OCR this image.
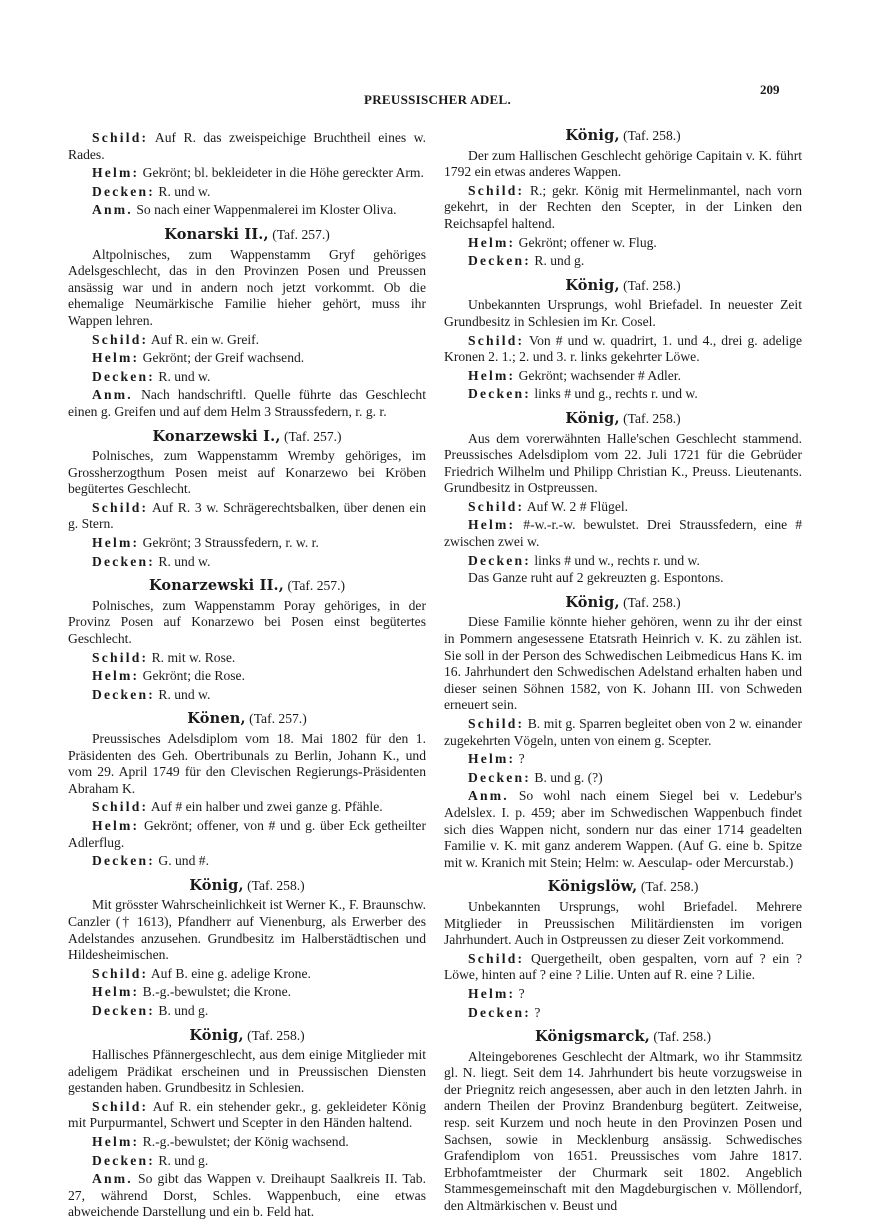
PREUSSISCHER ADEL.
209

Schild: Auf R. das zweispeichige Bruchtheil eines w. Rades.

Helm: Gekrönt; bl. bekleideter in die Höhe gereckter Arm.

Decken: R. und w.

Anm. So nach einer Wappenmalerei im Kloster Oliva.

Konarski II., (Taf. 257.)

Altpolnisches, zum Wappenstamm Gryf gehöriges Adelsgeschlecht, das in den Provinzen Posen und Preussen ansässig war und in andern noch jetzt vorkommt. Ob die ehemalige Neumärkische Familie hieher gehört, muss ihr Wappen lehren.

Schild: Auf R. ein w. Greif.

Helm: Gekrönt; der Greif wachsend.

Decken: R. und w.

Anm. Nach handschriftl. Quelle führte das Geschlecht einen g. Greifen und auf dem Helm 3 Straussfedern, r. g. r.

Konarzewski I., (Taf. 257.)

Polnisches, zum Wappenstamm Wremby gehöriges, im Grossherzogthum Posen meist auf Konarzewo bei Kröben begütertes Geschlecht.

Schild: Auf R. 3 w. Schrägerechtsbalken, über denen ein g. Stern.

Helm: Gekrönt; 3 Straussfedern, r. w. r.

Decken: R. und w.

Konarzewski II., (Taf. 257.)

Polnisches, zum Wappenstamm Poray gehöriges, in der Provinz Posen auf Konarzewo bei Posen einst begütertes Geschlecht.

Schild: R. mit w. Rose.

Helm: Gekrönt; die Rose.

Decken: R. und w.

Könen, (Taf. 257.)

Preussisches Adelsdiplom vom 18. Mai 1802 für den 1. Präsidenten des Geh. Obertribunals zu Berlin, Johann K., und vom 29. April 1749 für den Clevischen Regierungs-Präsidenten Abraham K.

Schild: Auf # ein halber und zwei ganze g. Pfähle.

Helm: Gekrönt; offener, von # und g. über Eck getheilter Adlerflug.

Decken: G. und #.

König, (Taf. 258.)

Mit grösster Wahrscheinlichkeit ist Werner K., F. Braunschw. Canzler († 1613), Pfandherr auf Vienenburg, als Erwerber des Adelstandes anzusehen. Grundbesitz im Halberstädtischen und Hildesheimischen.

Schild: Auf B. eine g. adelige Krone.

Helm: B.-g.-bewulstet; die Krone.

Decken: B. und g.

König, (Taf. 258.)

Hallisches Pfännergeschlecht, aus dem einige Mitglieder mit adeligem Prädikat erscheinen und in Preussischen Diensten gestanden haben. Grundbesitz in Schlesien.

Schild: Auf R. ein stehender gekr., g. gekleideter König mit Purpurmantel, Schwert und Scepter in den Händen haltend.

Helm: R.-g.-bewulstet; der König wachsend.

Decken: R. und g.

Anm. So gibt das Wappen v. Dreihaupt Saalkreis II. Tab. 27, während Dorst, Schles. Wappenbuch, eine etwas abweichende Darstellung und ein b. Feld hat.

König, (Taf. 258.)

Der zum Hallischen Geschlecht gehörige Capitain v. K. führt 1792 ein etwas anderes Wappen.

Schild: R.; gekr. König mit Hermelinmantel, nach vorn gekehrt, in der Rechten den Scepter, in der Linken den Reichsapfel haltend.

Helm: Gekrönt; offener w. Flug.

Decken: R. und g.

König, (Taf. 258.)

Unbekannten Ursprungs, wohl Briefadel. In neuester Zeit Grundbesitz in Schlesien im Kr. Cosel.

Schild: Von # und w. quadrirt, 1. und 4., drei g. adelige Kronen 2. 1.; 2. und 3. r. links gekehrter Löwe.

Helm: Gekrönt; wachsender # Adler.

Decken: links # und g., rechts r. und w.

König, (Taf. 258.)

Aus dem vorerwähnten Halle'schen Geschlecht stammend. Preussisches Adelsdiplom vom 22. Juli 1721 für die Gebrüder Friedrich Wilhelm und Philipp Christian K., Preuss. Lieutenants. Grundbesitz in Ostpreussen.

Schild: Auf W. 2 # Flügel.

Helm: #-w.-r.-w. bewulstet. Drei Straussfedern, eine # zwischen zwei w.

Decken: links # und w., rechts r. und w.

Das Ganze ruht auf 2 gekreuzten g. Espontons.

König, (Taf. 258.)

Diese Familie könnte hieher gehören, wenn zu ihr der einst in Pommern angesessene Etatsrath Heinrich v. K. zu zählen ist. Sie soll in der Person des Schwedischen Leibmedicus Hans K. im 16. Jahrhundert den Schwedischen Adelstand erhalten haben und dieser seinen Söhnen 1582, von K. Johann III. von Schweden erneuert sein.

Schild: B. mit g. Sparren begleitet oben von 2 w. einander zugekehrten Vögeln, unten von einem g. Scepter.

Helm: ?

Decken: B. und g. (?)

Anm. So wohl nach einem Siegel bei v. Ledebur's Adelslex. I. p. 459; aber im Schwedischen Wappenbuch findet sich dies Wappen nicht, sondern nur das einer 1714 geadelten Familie v. K. mit ganz anderem Wappen. (Auf G. eine b. Spitze mit w. Kranich mit Stein; Helm: w. Aesculap- oder Mercurstab.)

Königslöw, (Taf. 258.)

Unbekannten Ursprungs, wohl Briefadel. Mehrere Mitglieder in Preussischen Militärdiensten im vorigen Jahrhundert. Auch in Ostpreussen zu dieser Zeit vorkommend.

Schild: Quergetheilt, oben gespalten, vorn auf ? ein ? Löwe, hinten auf ? eine ? Lilie. Unten auf R. eine ? Lilie.

Helm: ?

Decken: ?

Königsmarck, (Taf. 258.)

Alteingeborenes Geschlecht der Altmark, wo ihr Stammsitz gl. N. liegt. Seit dem 14. Jahrhundert bis heute vorzugsweise in der Priegnitz reich angesessen, aber auch in den letzten Jahrh. in andern Theilen der Provinz Brandenburg begütert. Zeitweise, resp. seit Kurzem und noch heute in den Provinzen Posen und Sachsen, sowie in Mecklenburg ansässig. Schwedisches Grafendiplom von 1651. Preussisches vom Jahre 1817. Erbhofamtmeister der Churmark seit 1802. Angeblich Stammesgemeinschaft mit den Magdeburgischen v. Möllendorf, den Altmärkischen v. Beust und
